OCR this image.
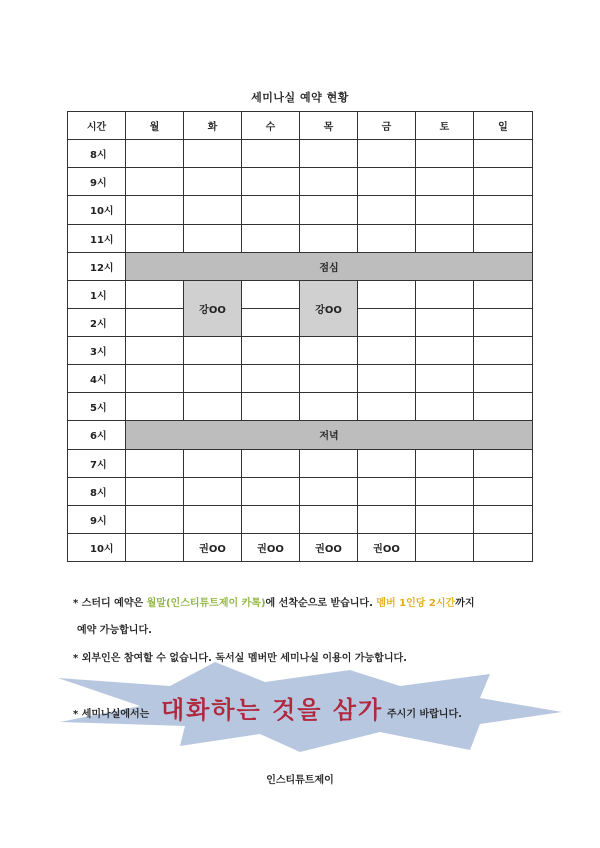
세미나실 예약 현황
시간	월	화	수	목	금	토	일
8시							
9시							
10시							
11시							
12시	점심						
1시		강OO		강OO			
2시							
3시							
4시							
5시							
6시	저녁						
7시							
8시							
9시							
10시		권OO	권OO	권OO	권OO		
* 스터디 예약은 월말(인스티튜트제이 카톡)에 선착순으로 받습니다. 멤버 1인당 2시간까지
예약 가능합니다.
* 외부인은 참여할 수 없습니다. 독서실 멤버만 세미나실 이용이 가능합니다.
* 세미나실에서는 대화하는 것을 삼가 주시기 바랍니다.
인스티튜트제이
